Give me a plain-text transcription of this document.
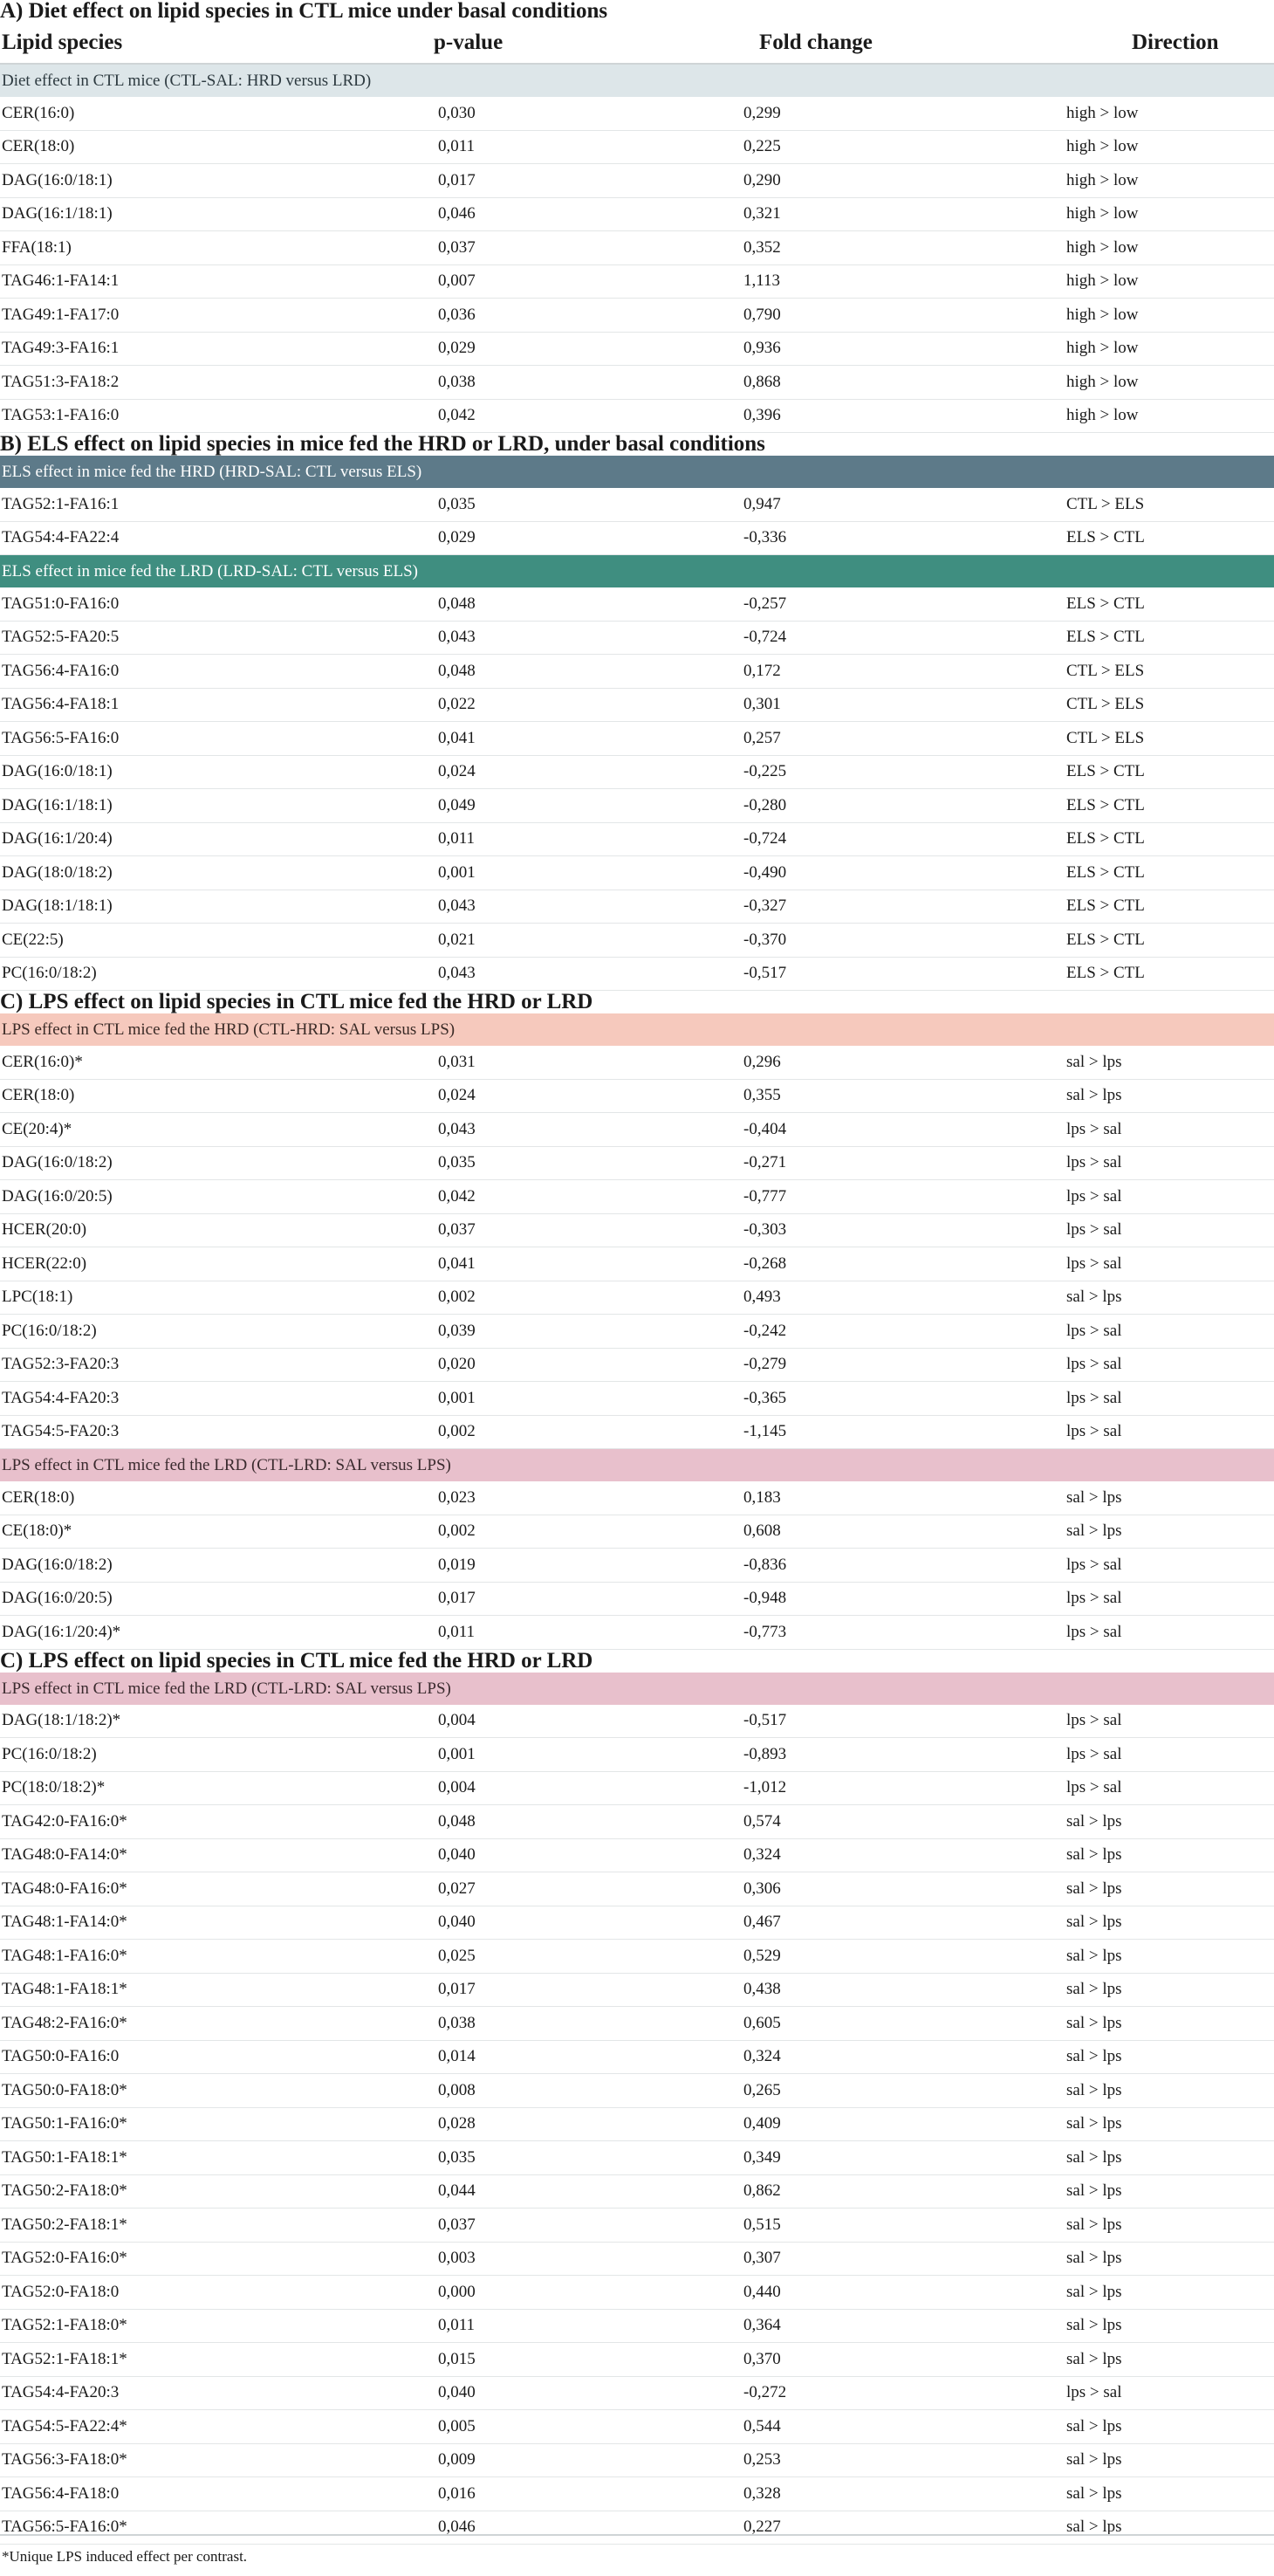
A) Diet effect on lipid species in CTL mice under basal conditions
Lipid species	p-value	Fold change	Direction
Diet effect in CTL mice (CTL-SAL: HRD versus LRD)
CER(16:0)	0,030	0,299	high > low
CER(18:0)	0,011	0,225	high > low
DAG(16:0/18:1)	0,017	0,290	high > low
DAG(16:1/18:1)	0,046	0,321	high > low
FFA(18:1)	0,037	0,352	high > low
TAG46:1-FA14:1	0,007	1,113	high > low
TAG49:1-FA17:0	0,036	0,790	high > low
TAG49:3-FA16:1	0,029	0,936	high > low
TAG51:3-FA18:2	0,038	0,868	high > low
TAG53:1-FA16:0	0,042	0,396	high > low
B) ELS effect on lipid species in mice fed the HRD or LRD, under basal conditions
ELS effect in mice fed the HRD (HRD-SAL: CTL versus ELS)
TAG52:1-FA16:1	0,035	0,947	CTL > ELS
TAG54:4-FA22:4	0,029	-0,336	ELS > CTL
ELS effect in mice fed the LRD (LRD-SAL: CTL versus ELS)
TAG51:0-FA16:0	0,048	-0,257	ELS > CTL
TAG52:5-FA20:5	0,043	-0,724	ELS > CTL
TAG56:4-FA16:0	0,048	0,172	CTL > ELS
TAG56:4-FA18:1	0,022	0,301	CTL > ELS
TAG56:5-FA16:0	0,041	0,257	CTL > ELS
DAG(16:0/18:1)	0,024	-0,225	ELS > CTL
DAG(16:1/18:1)	0,049	-0,280	ELS > CTL
DAG(16:1/20:4)	0,011	-0,724	ELS > CTL
DAG(18:0/18:2)	0,001	-0,490	ELS > CTL
DAG(18:1/18:1)	0,043	-0,327	ELS > CTL
CE(22:5)	0,021	-0,370	ELS > CTL
PC(16:0/18:2)	0,043	-0,517	ELS > CTL
C) LPS effect on lipid species in CTL mice fed the HRD or LRD
LPS effect in CTL mice fed the HRD (CTL-HRD: SAL versus LPS)
CER(16:0)*	0,031	0,296	sal > lps
CER(18:0)	0,024	0,355	sal > lps
CE(20:4)*	0,043	-0,404	lps > sal
DAG(16:0/18:2)	0,035	-0,271	lps > sal
DAG(16:0/20:5)	0,042	-0,777	lps > sal
HCER(20:0)	0,037	-0,303	lps > sal
HCER(22:0)	0,041	-0,268	lps > sal
LPC(18:1)	0,002	0,493	sal > lps
PC(16:0/18:2)	0,039	-0,242	lps > sal
TAG52:3-FA20:3	0,020	-0,279	lps > sal
TAG54:4-FA20:3	0,001	-0,365	lps > sal
TAG54:5-FA20:3	0,002	-1,145	lps > sal
LPS effect in CTL mice fed the LRD (CTL-LRD: SAL versus LPS)
CER(18:0)	0,023	0,183	sal > lps
CE(18:0)*	0,002	0,608	sal > lps
DAG(16:0/18:2)	0,019	-0,836	lps > sal
DAG(16:0/20:5)	0,017	-0,948	lps > sal
DAG(16:1/20:4)*	0,011	-0,773	lps > sal
C) LPS effect on lipid species in CTL mice fed the HRD or LRD
LPS effect in CTL mice fed the LRD (CTL-LRD: SAL versus LPS)
DAG(18:1/18:2)*	0,004	-0,517	lps > sal
PC(16:0/18:2)	0,001	-0,893	lps > sal
PC(18:0/18:2)*	0,004	-1,012	lps > sal
TAG42:0-FA16:0*	0,048	0,574	sal > lps
TAG48:0-FA14:0*	0,040	0,324	sal > lps
TAG48:0-FA16:0*	0,027	0,306	sal > lps
TAG48:1-FA14:0*	0,040	0,467	sal > lps
TAG48:1-FA16:0*	0,025	0,529	sal > lps
TAG48:1-FA18:1*	0,017	0,438	sal > lps
TAG48:2-FA16:0*	0,038	0,605	sal > lps
TAG50:0-FA16:0	0,014	0,324	sal > lps
TAG50:0-FA18:0*	0,008	0,265	sal > lps
TAG50:1-FA16:0*	0,028	0,409	sal > lps
TAG50:1-FA18:1*	0,035	0,349	sal > lps
TAG50:2-FA18:0*	0,044	0,862	sal > lps
TAG50:2-FA18:1*	0,037	0,515	sal > lps
TAG52:0-FA16:0*	0,003	0,307	sal > lps
TAG52:0-FA18:0	0,000	0,440	sal > lps
TAG52:1-FA18:0*	0,011	0,364	sal > lps
TAG52:1-FA18:1*	0,015	0,370	sal > lps
TAG54:4-FA20:3	0,040	-0,272	lps > sal
TAG54:5-FA22:4*	0,005	0,544	sal > lps
TAG56:3-FA18:0*	0,009	0,253	sal > lps
TAG56:4-FA18:0	0,016	0,328	sal > lps
TAG56:5-FA16:0*	0,046	0,227	sal > lps
*Unique LPS induced effect per contrast.
